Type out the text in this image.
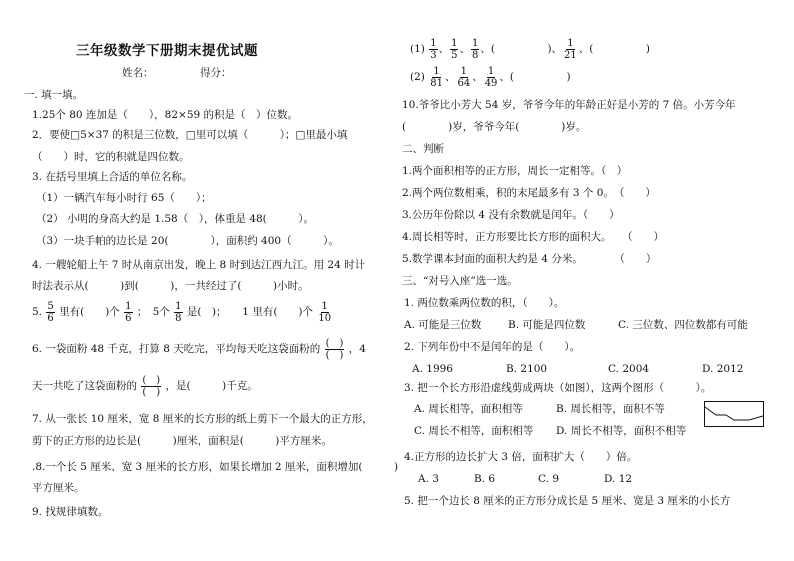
三年级数学下册期末提优试题
姓名：	得分：
一. 填一填。
1.25个 80 连加是（　　），82×59 的积是（　）位数。
2．要使□5×37 的积是三位数，□里可以填（　　　）；□里最小填
（　　）时，它的积就是四位数。
3. 在括号里填上合适的单位名称。
（1）一辆汽车每小时行 65（　　）；
（2） 小明的身高大约是 1.58（　），体重是 48(　　　）。
（3）一块手帕的边长是 20(　　　　），面积约 400（　　　）。
4. 一艘轮船上午 7 时从南京出发，晚上 8 时到达江西九江。用 24 时计
时法表示从(　　　)到(　　　)，一共经过了(　　　)小时。
5. $\frac{5}{6}$ 里有(　　)个 $\frac{1}{6}$ ；　5个 $\frac{1}{8}$ 是(　)；　　1 里有(　　)个 $\frac{1}{10}$
6. 一袋面粉 48 千克，打算 8 天吃完，平均每天吃这袋面粉的 $\frac{( )}{( )}$ ，4
天一共吃了这袋面粉的 $\frac{( )}{( )}$ ，是(　　　)千克。
7. 从一张长 10 厘米，宽 8 厘米的长方形的纸上剪下一个最大的正方形，
剪下的正方形的边长是(　　　)厘米，面积是(　　　)平方厘米。
.8.一个长 5 厘米、宽 3 厘米的长方形，如果长增加 2 厘米，面积增加(　　　)
平方厘米。
9. 找规律填数。
$(1) \frac{1}{3}$ 、 $\frac{1}{5}$ 、 $\frac{1}{8}$ 、(　　　　　)、 $\frac{1}{21}$ 、(　　　　　)
$(2) \frac{1}{81}$ 、 $\frac{1}{64}$ 、 $\frac{1}{49}$ 、(　　　　　)
10.爷爷比小芳大 54 岁，爷爷今年的年龄正好是小芳的 7 倍。小芳今年
(　　　　)岁，爷爷今年(　　　　)岁。
二、判断
1.两个面积相等的正方形，周长一定相等。（　）
2.两个两位数相乘，积的末尾最多有 3 个 0。　（　　）
3.公历年份除以 4 没有余数就是闰年。（　　）
4.周长相等时，正方形要比长方形的面积大。　　（　　）
5.数学课本封面的面积大约是 4 分米。　　　　（　　）
三、“对号入座”选一选。
1. 两位数乘两位数的积，（　　）。
A. 可能是三位数	B. 可能是四位数	C. 三位数、四位数都有可能
2. 下列年份中不是闰年的是（　　）。
A. 1996	B. 2100	C. 2004	D. 2012
3. 把一个长方形沿虚线剪成两块（如图），这两个图形（　　　）。
A. 周长相等，面积相等	B. 周长相等，面积不等
C. 周长不相等，面积相等 D. 周长不相等，面积不相等
4.正方形的边长扩大 3 倍，面积扩大（　　）倍。
A. 3	B. 6	C. 9	D. 12
5. 把一个边长 8 厘米的正方形分成长是 5 厘米、宽是 3 厘米的小长方
